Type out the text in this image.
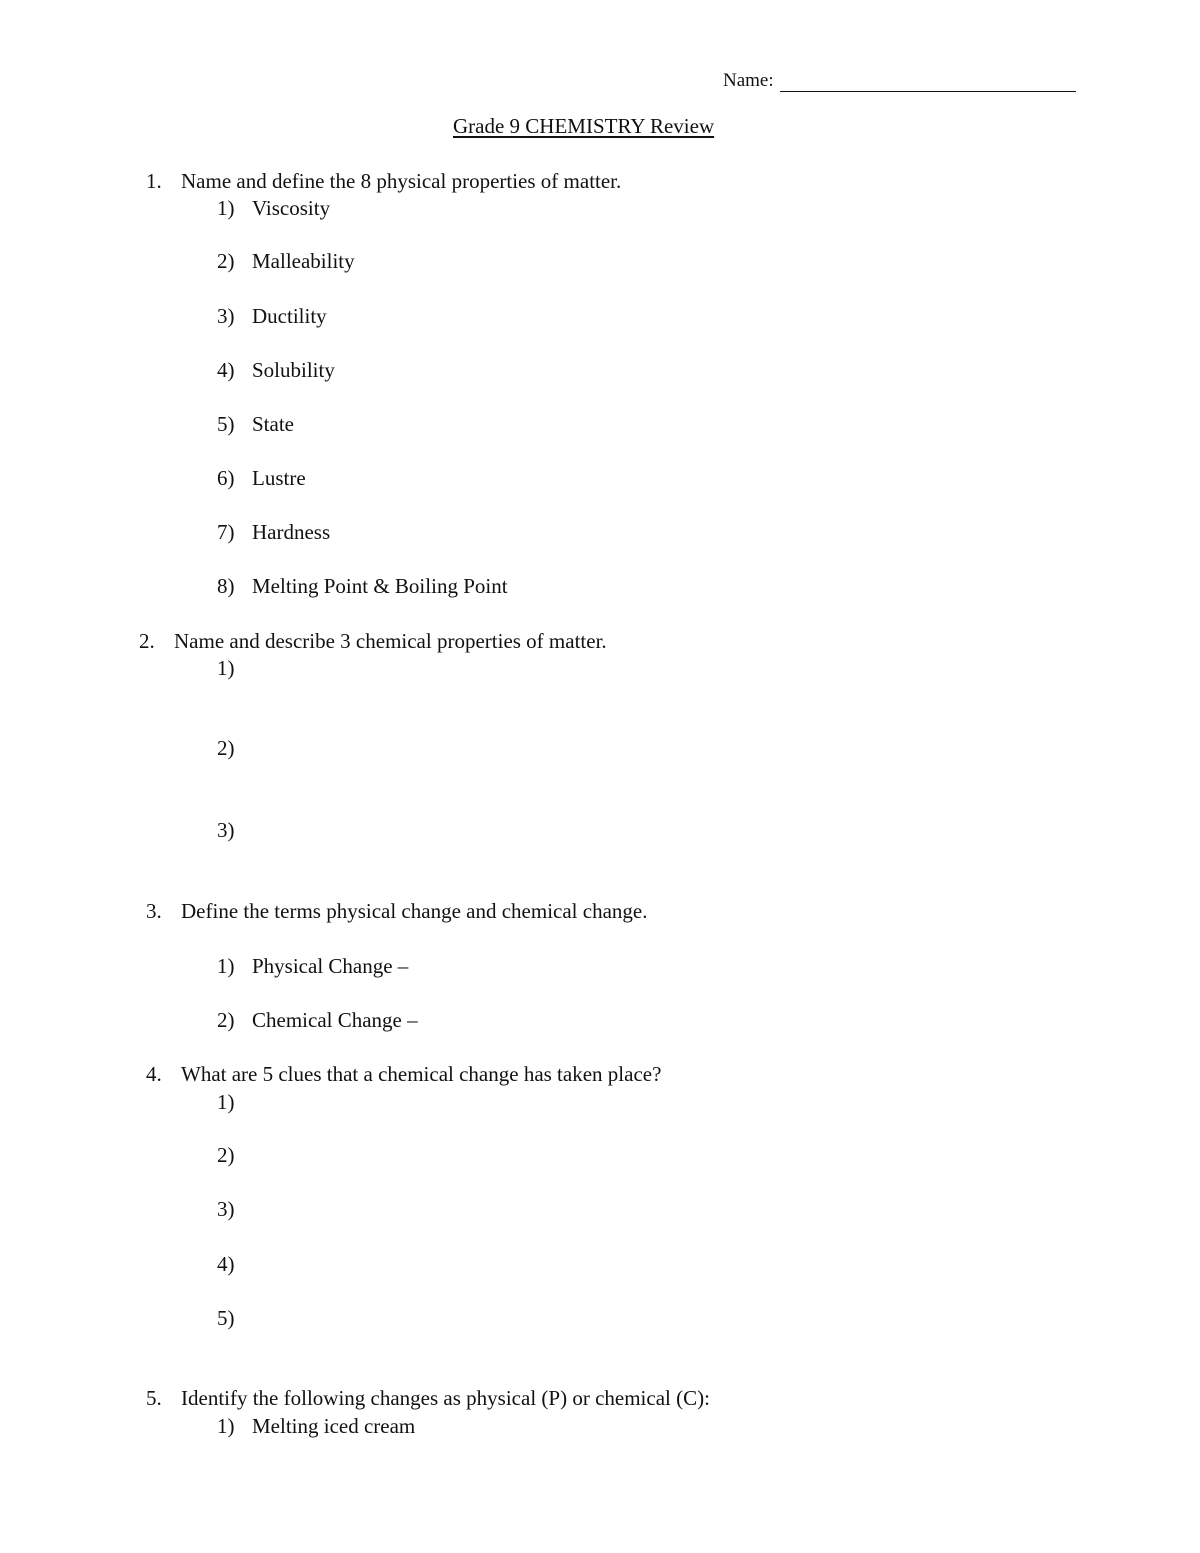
Name:
Grade 9 CHEMISTRY Review
1. Name and define the 8 physical properties of matter.
1) Viscosity
2) Malleability
3) Ductility
4) Solubility
5) State
6) Lustre
7) Hardness
8) Melting Point & Boiling Point
2. Name and describe 3 chemical properties of matter.
1)
2)
3)
3. Define the terms physical change and chemical change.
1) Physical Change –
2) Chemical Change –
4. What are 5 clues that a chemical change has taken place?
1)
2)
3)
4)
5)
5. Identify the following changes as physical (P) or chemical (C):
1) Melting iced cream
